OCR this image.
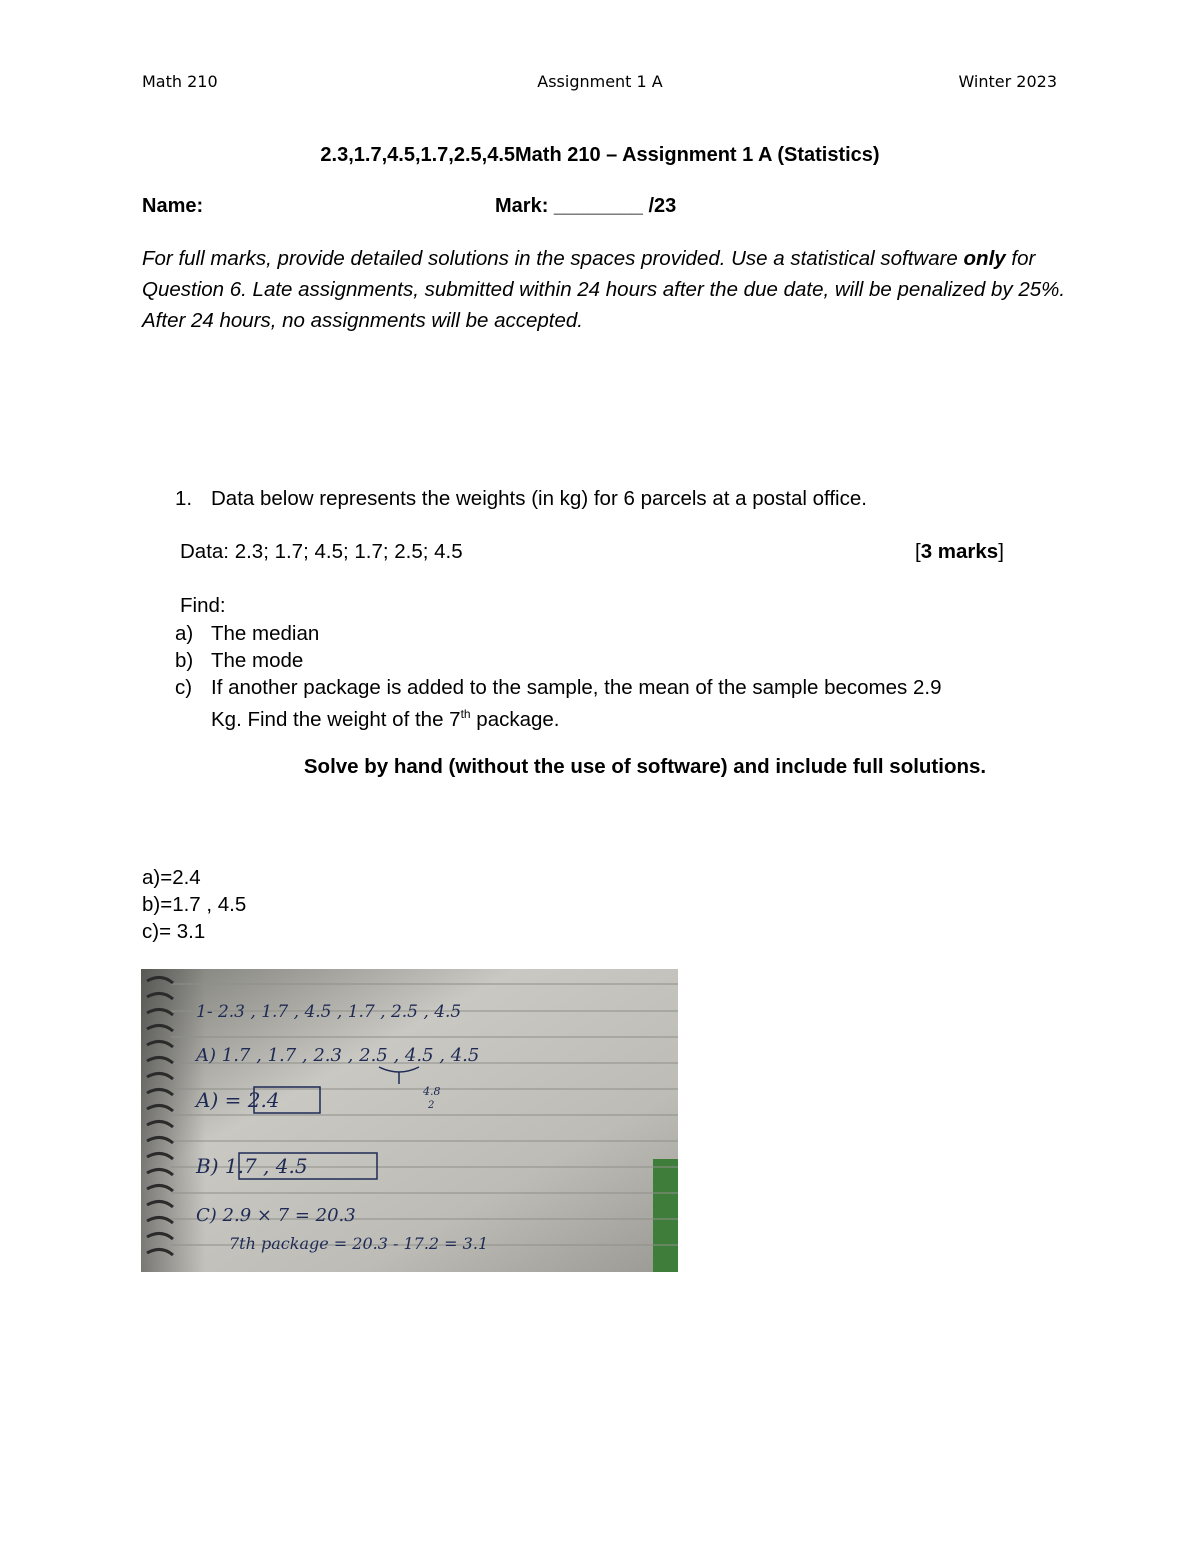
Math 210	Assignment 1 A	Winter 2023
2.3,1.7,4.5,1.7,2.5,4.5Math 210 – Assignment 1 A (Statistics)
Name:	Mark: ________ /23
For full marks, provide detailed solutions in the spaces provided. Use a statistical software only for Question 6. Late assignments, submitted within 24 hours after the due date, will be penalized by 25%. After 24 hours, no assignments will be accepted.
1. Data below represents the weights (in kg) for 6 parcels at a postal office.
Data: 2.3; 1.7; 4.5; 1.7; 2.5; 4.5	[3 marks]
Find:
a) The median
b) The mode
c) If another package is added to the sample, the mean of the sample becomes 2.9
Kg. Find the weight of the 7th package.
Solve by hand (without the use of software) and include full solutions.
a)=2.4
b)=1.7 , 4.5
c)= 3.1
1- 2.3 , 1.7 , 4.5 , 1.7 , 2.5 , 4.5
A) 1.7 , 1.7 , 2.3 , 2.5 , 4.5 , 4.5
4.8
2
A) = 2.4
B) 1.7 , 4.5
C) 2.9 × 7 = 20.3
7th package = 20.3 - 17.2 = 3.1
